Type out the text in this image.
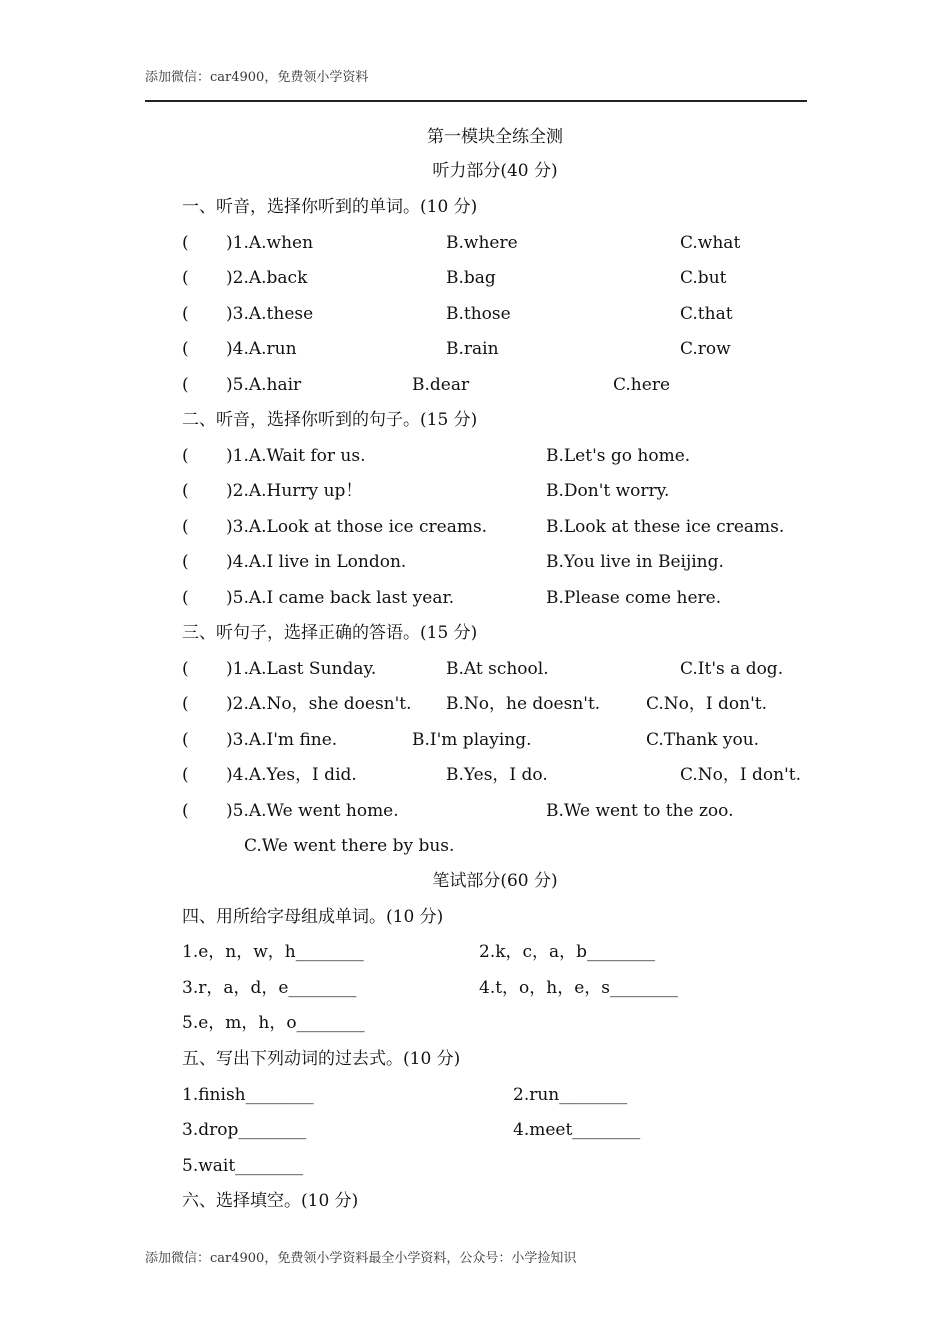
添加微信：car4900，免费领小学资料
第一模块全练全测
听力部分(40 分)
一、听音，选择你听到的单词。(10 分)
( )1.A.when	B.where	C.what
( )2.A.back	B.bag	C.but
( )3.A.these	B.those	C.that
( )4.A.run	B.rain	C.row
( )5.A.hair	B.dear	C.here
二、听音，选择你听到的句子。(15 分)
( )1.A.Wait for us.	B.Let's go home.
( )2.A.Hurry up！	B.Don't worry.
( )3.A.Look at those ice creams.	B.Look at these ice creams.
( )4.A.I live in London.	B.You live in Beijing.
( )5.A.I came back last year.	B.Please come here.
三、听句子，选择正确的答语。(15 分)
( )1.A.Last Sunday.	B.At school.	C.It's a dog.
( )2.A.No，she doesn't. B.No，he doesn't.	C.No，I don't.
( )3.A.I'm fine.	B.I'm playing.	C.Thank you.
( )4.A.Yes，I did.	B.Yes，I do.	C.No，I don't.
( )5.A.We went home.	B.We went to the zoo.
C.We went there by bus.
笔试部分(60 分)
四、用所给字母组成单词。(10 分)
1.e，n，w，h________	2.k，c，a，b________
3.r，a，d，e________	4.t，o，h，e，s________
5.e，m，h，o________
五、写出下列动词的过去式。(10 分)
1.finish________	2.run________
3.drop________	4.meet________
5.wait________
六、选择填空。(10 分)
添加微信：car4900，免费领小学资料最全小学资料，公众号：小学捡知识
